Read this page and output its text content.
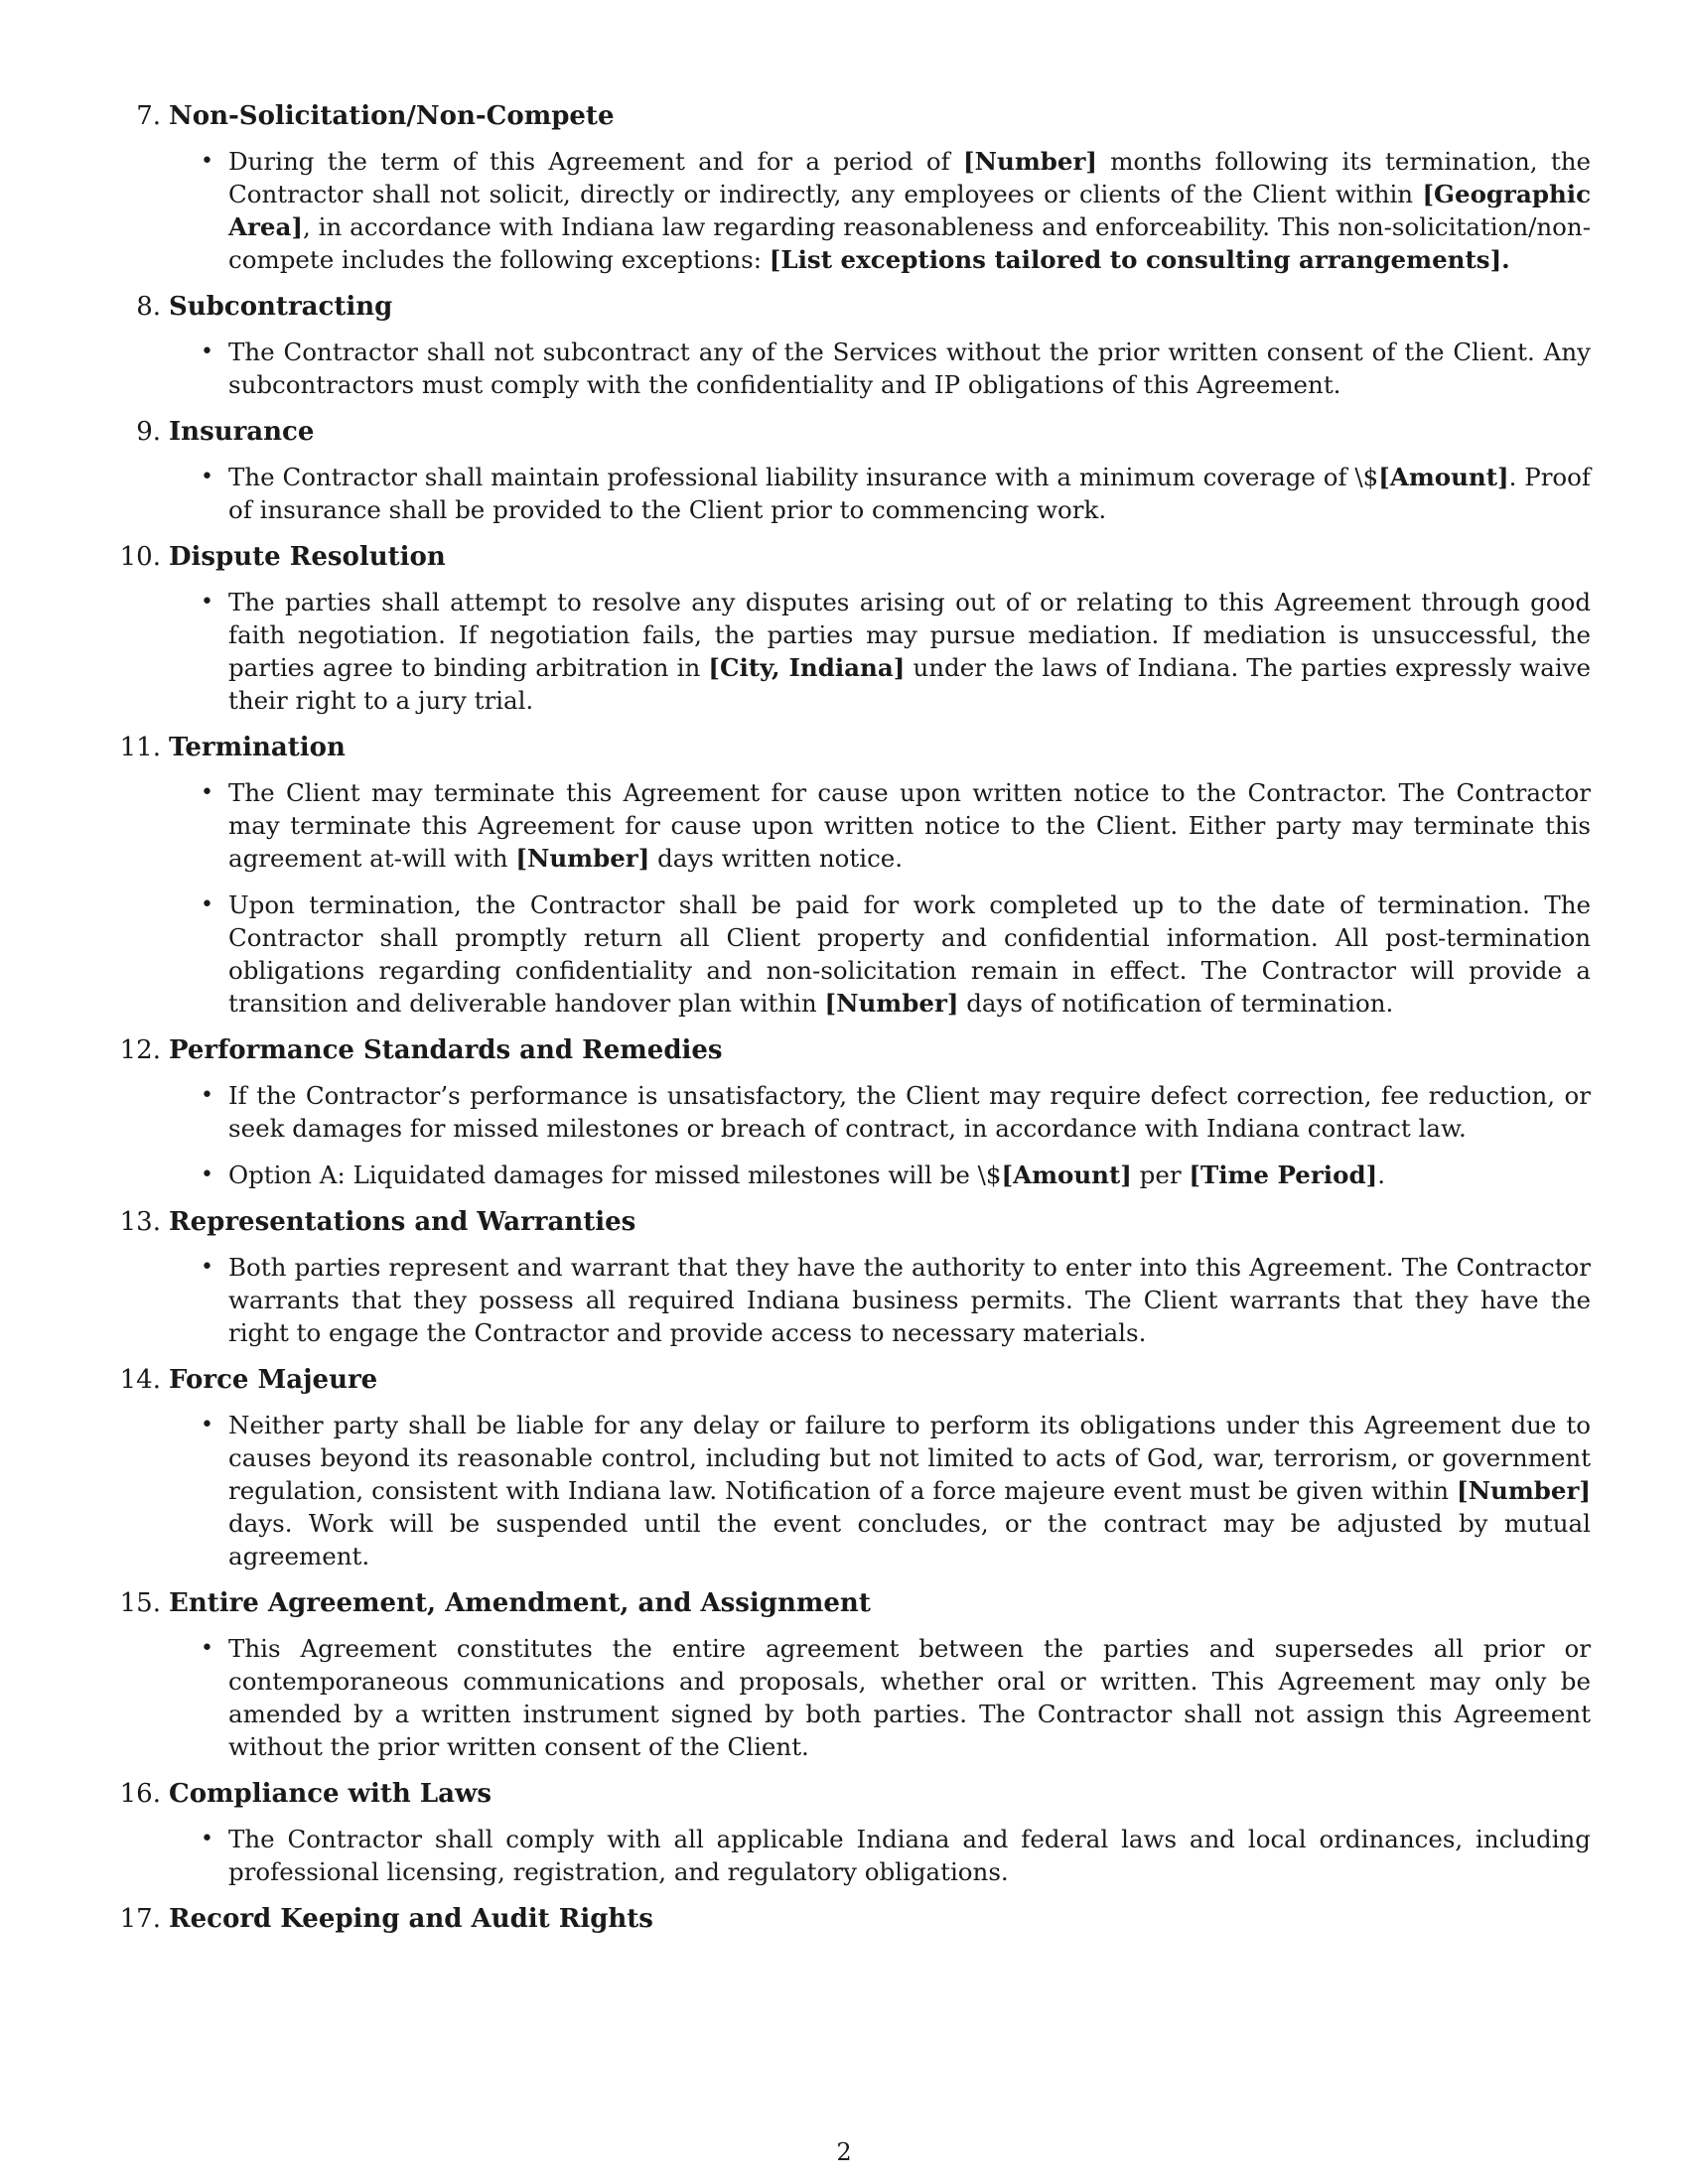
7. Non-Solicitation/Non-Compete
• During the term of this Agreement and for a period of [Number] months following its termination, the Contractor shall not solicit, directly or indirectly, any employees or clients of the Client within [Geographic Area], in accordance with Indiana law regarding reasonableness and enforceability. This non-solicitation/non-compete includes the following exceptions: [List exceptions tailored to consulting arrangements].
8. Subcontracting
• The Contractor shall not subcontract any of the Services without the prior written consent of the Client. Any subcontractors must comply with the confidentiality and IP obligations of this Agreement.
9. Insurance
• The Contractor shall maintain professional liability insurance with a minimum coverage of \$[Amount]. Proof of insurance shall be provided to the Client prior to commencing work.
10. Dispute Resolution
• The parties shall attempt to resolve any disputes arising out of or relating to this Agreement through good faith negotiation. If negotiation fails, the parties may pursue mediation. If mediation is unsuccessful, the parties agree to binding arbitration in [City, Indiana] under the laws of Indiana. The parties expressly waive their right to a jury trial.
11. Termination
• The Client may terminate this Agreement for cause upon written notice to the Contractor. The Contractor may terminate this Agreement for cause upon written notice to the Client. Either party may terminate this agreement at-will with [Number] days written notice.
• Upon termination, the Contractor shall be paid for work completed up to the date of termination. The Contractor shall promptly return all Client property and confidential information. All post-termination obligations regarding confidentiality and non-solicitation remain in effect. The Contractor will provide a transition and deliverable handover plan within [Number] days of notification of termination.
12. Performance Standards and Remedies
• If the Contractor’s performance is unsatisfactory, the Client may require defect correction, fee reduction, or seek damages for missed milestones or breach of contract, in accordance with Indiana contract law.
• Option A: Liquidated damages for missed milestones will be \$[Amount] per [Time Period].
13. Representations and Warranties
• Both parties represent and warrant that they have the authority to enter into this Agreement. The Contractor warrants that they possess all required Indiana business permits. The Client warrants that they have the right to engage the Contractor and provide access to necessary materials.
14. Force Majeure
• Neither party shall be liable for any delay or failure to perform its obligations under this Agreement due to causes beyond its reasonable control, including but not limited to acts of God, war, terrorism, or government regulation, consistent with Indiana law. Notification of a force majeure event must be given within [Number] days. Work will be suspended until the event concludes, or the contract may be adjusted by mutual agreement.
15. Entire Agreement, Amendment, and Assignment
• This Agreement constitutes the entire agreement between the parties and supersedes all prior or contemporaneous communications and proposals, whether oral or written. This Agreement may only be amended by a written instrument signed by both parties. The Contractor shall not assign this Agreement without the prior written consent of the Client.
16. Compliance with Laws
• The Contractor shall comply with all applicable Indiana and federal laws and local ordinances, including professional licensing, registration, and regulatory obligations.
17. Record Keeping and Audit Rights
2
